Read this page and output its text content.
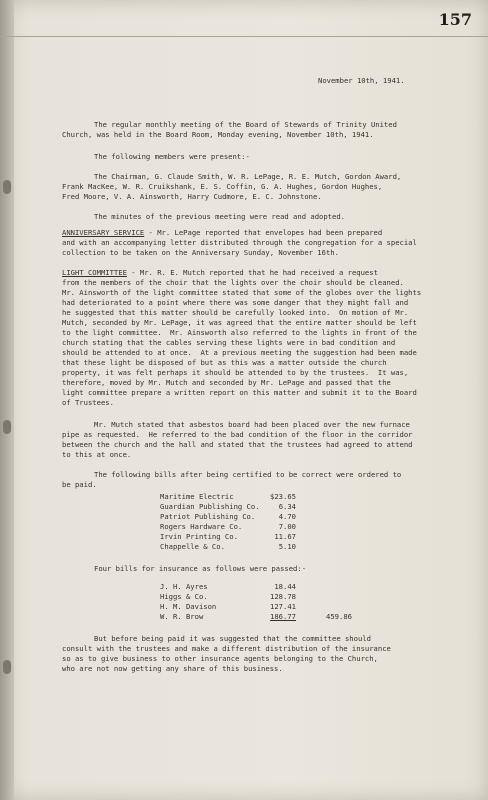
157
November 10th, 1941.
The regular monthly meeting of the Board of Stewards of Trinity United
Church, was held in the Board Room, Monday evening, November 10th, 1941.
The following members were present:-
The Chairman, G. Claude Smith, W. R. LePage, R. E. Mutch, Gordon Award,
Frank MacKee, W. R. Cruikshank, E. S. Coffin, G. A. Hughes, Gordon Hughes,
Fred Moore, V. A. Ainsworth, Harry Cudmore, E. C. Johnstone.
The minutes of the previous meeting were read and adopted.
ANNIVERSARY SERVICE - Mr. LePage reported that envelopes had been prepared
and with an accompanying letter distributed through the congregation for a special
collection to be taken on the Anniversary Sunday, November 16th.
LIGHT COMMITTEE - Mr. R. E. Mutch reported that he had received a request
from the members of the choir that the lights over the choir should be cleaned.
Mr. Ainsworth of the light committee stated that some of the globes over the lights
had deteriorated to a point where there was some danger that they might fall and
he suggested that this matter should be carefully looked into.  On motion of Mr.
Mutch, seconded by Mr. LePage, it was agreed that the entire matter should be left
to the light committee.  Mr. Ainsworth also referred to the lights in front of the
church stating that the cables serving these lights were in bad condition and
should be attended to at once.  At a previous meeting the suggestion had been made
that these light be disposed of but as this was a matter outside the church
property, it was felt perhaps it should be attended to by the trustees.  It was,
therefore, moved by Mr. Mutch and seconded by Mr. LePage and passed that the
light committee prepare a written report on this matter and submit it to the Board
of Trustees.
Mr. Mutch stated that asbestos board had been placed over the new furnace
pipe as requested.  He referred to the bad condition of the floor in the corridor
between the church and the hall and stated that the trustees had agreed to attend
to this at once.
The following bills after being certified to be correct were ordered to
be paid.
Maritime Electric	$23.65
Guardian Publishing Co.	6.34
Patriot Publishing Co.	4.70
Rogers Hardware Co.	7.00
Irvin Printing Co.	11.67
Chappelle & Co.	5.10
Four bills for insurance as follows were passed:-
J. H. Ayres	18.44
Higgs & Co.	128.78
H. M. Davison	127.41
W. R. Brow	186.77	459.86
But before being paid it was suggested that the committee should
consult with the trustees and make a different distribution of the insurance
so as to give business to other insurance agents belonging to the Church,
who are not now getting any share of this business.
